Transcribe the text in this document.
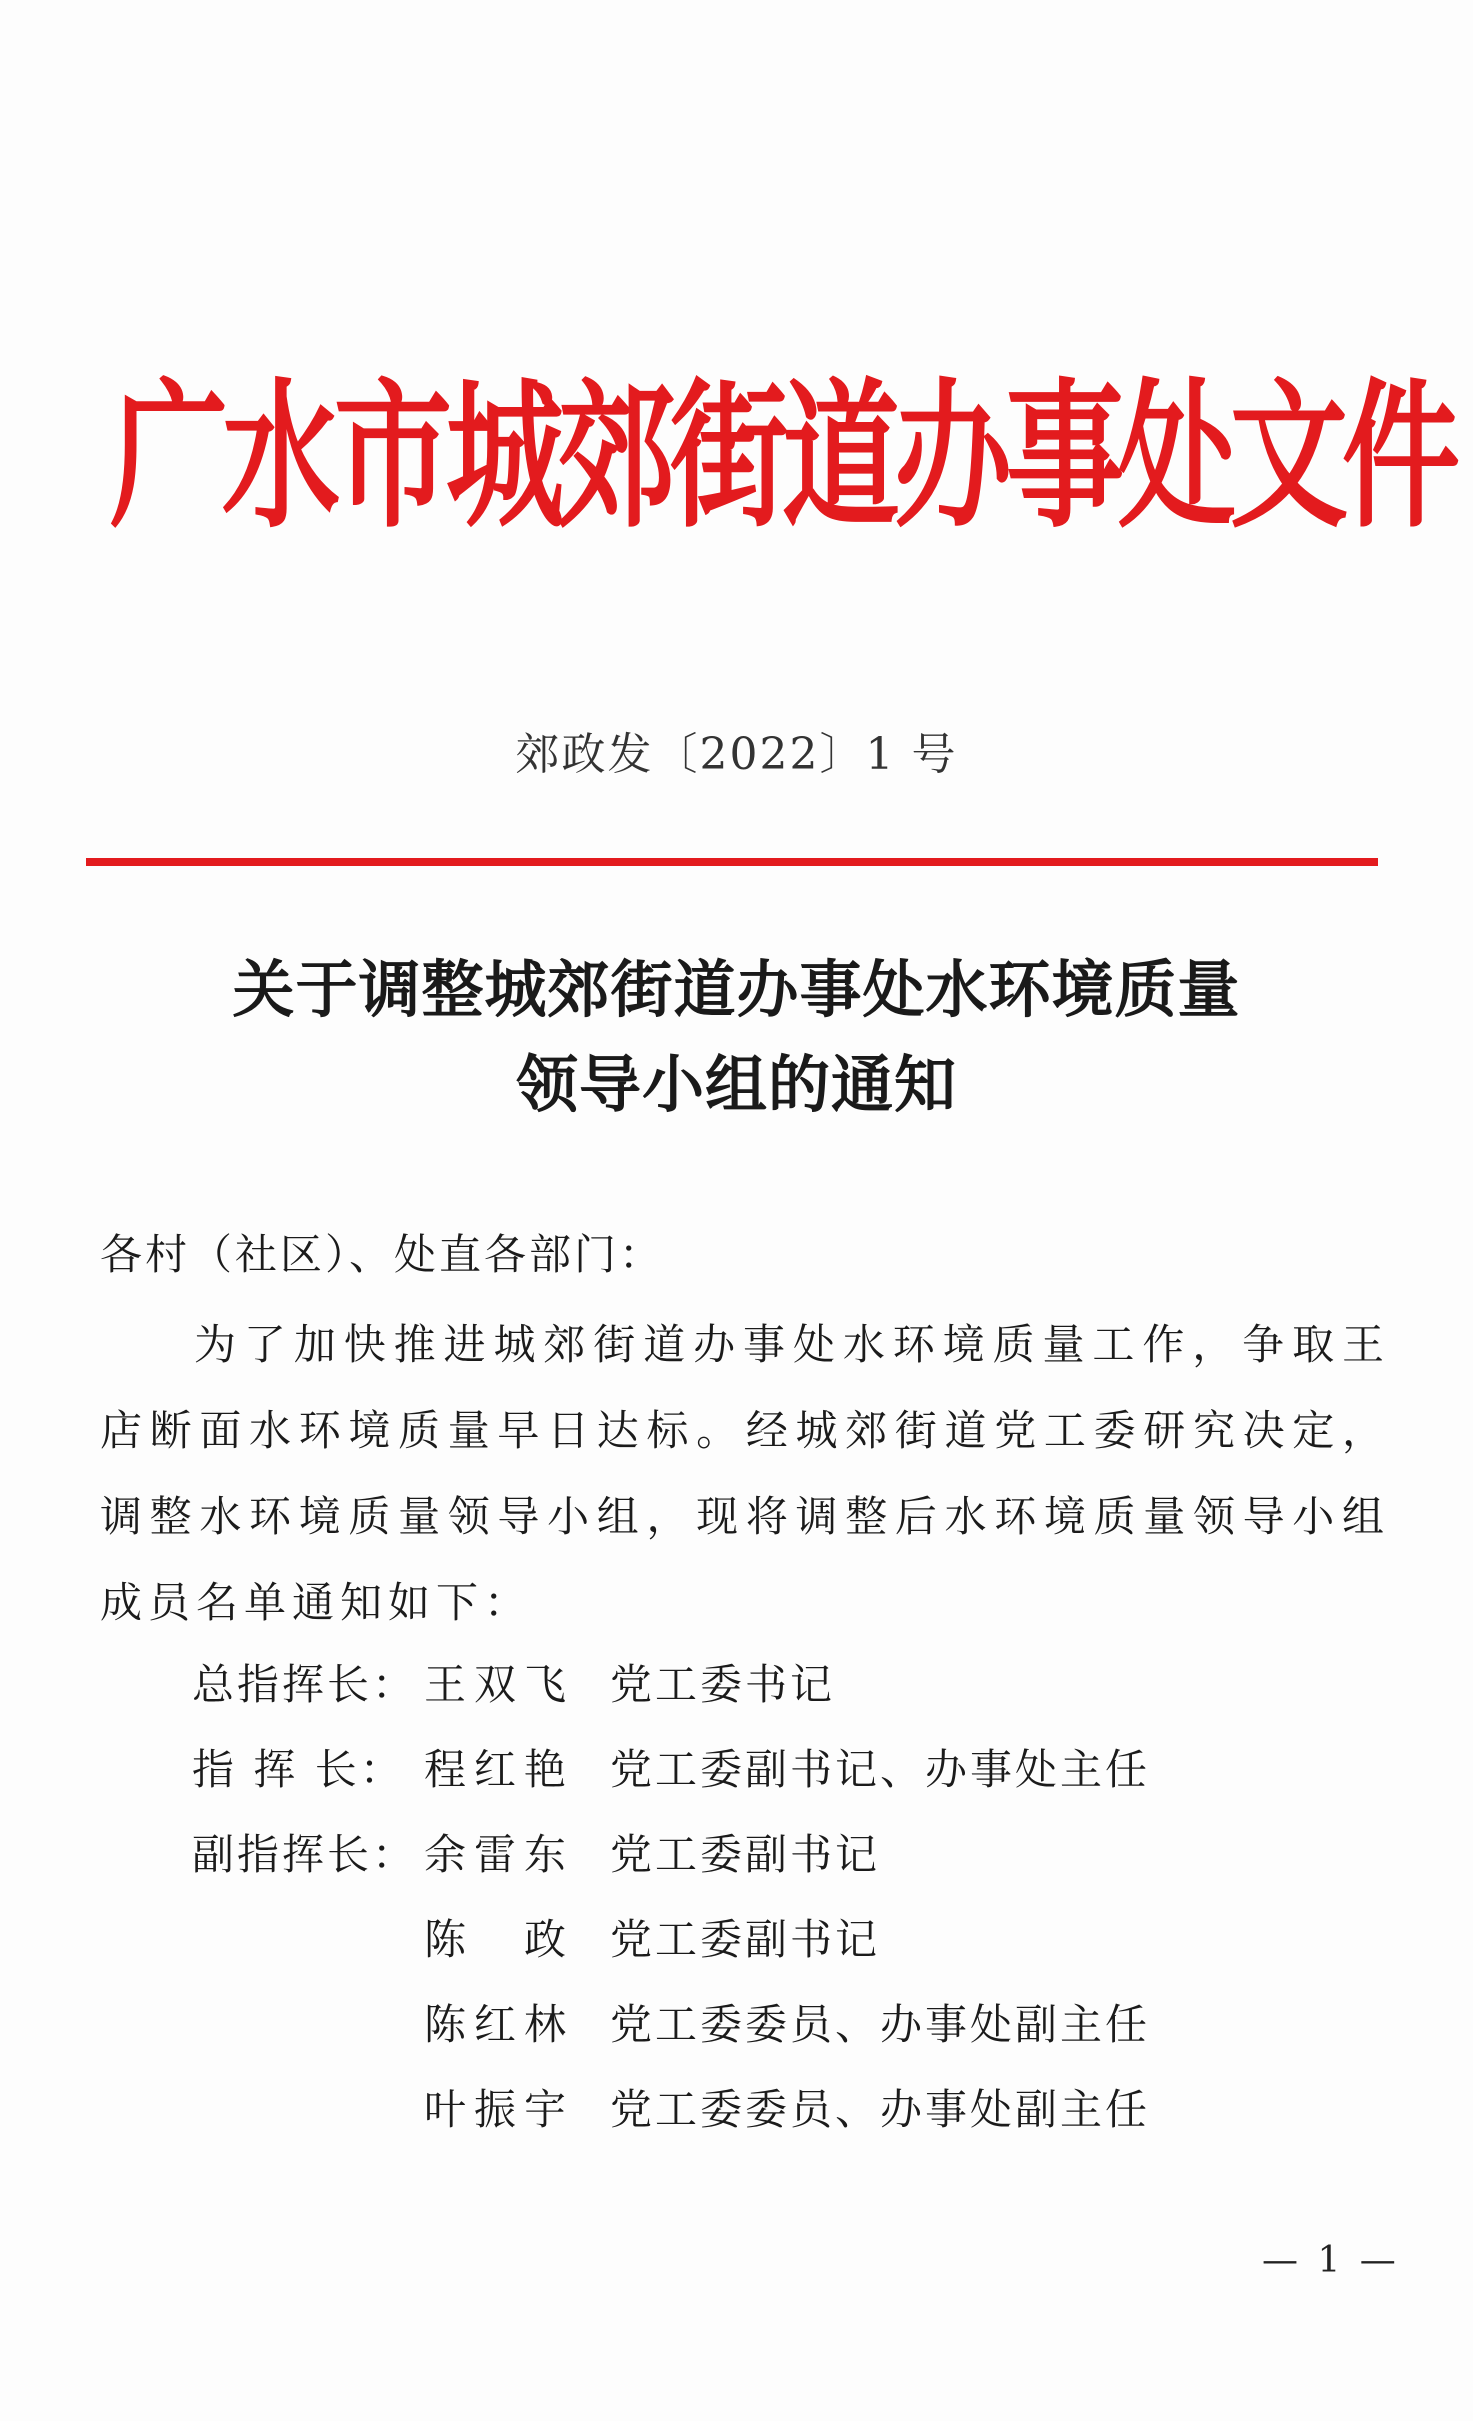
广水市城郊街道办事处文件
郊政发〔2022〕1 号
关于调整城郊街道办事处水环境质量
领导小组的通知
各村（社区）、处直各部门：
为了加快推进城郊街道办事处水环境质量工作，争取王店断面水环境质量早日达标。经城郊街道党工委研究决定，调整水环境质量领导小组，现将调整后水环境质量领导小组成员名单通知如下：
总指挥长： 王双飞 党工委书记
指 挥 长： 程红艳 党工委副书记、办事处主任
副指挥长： 余雷东 党工委副书记
陈　政 党工委副书记
陈红林 党工委委员、办事处副主任
叶振宇 党工委委员、办事处副主任
— 1 —
